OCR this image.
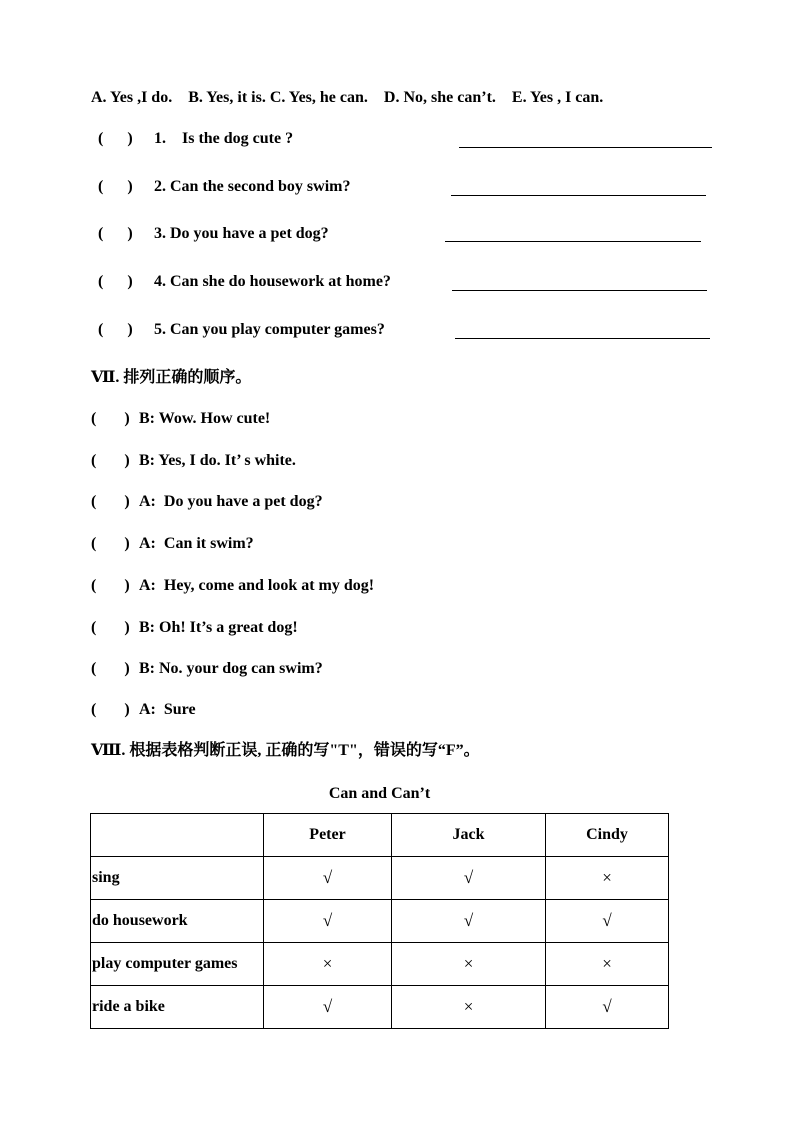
A. Yes ,I do.    B. Yes, it is. C. Yes, he can.    D. No, she can’t.    E. Yes , I can.
(      ) 1.    Is the dog cute ?
(      ) 2. Can the second boy swim?
(      ) 3. Do you have a pet dog?
(      ) 4. Can she do housework at home?
(      ) 5. Can you play computer games?
Ⅶ. 排列正确的顺序。
(       ) B: Wow. How cute!
(       ) B: Yes, I do. It’ s white.
(       ) A:  Do you have a pet dog?
(       ) A:  Can it swim?
(       ) A:  Hey, come and look at my dog!
(       ) B: Oh! It’s a great dog!
(       ) B: No. your dog can swim?
(       ) A:  Sure
Ⅷ. 根据表格判断正误, 正确的写"T"，错误的写“F”。
Can and Can’t
	Peter	Jack	Cindy
sing	√	√	×
do housework	√	√	√
play computer games	×	×	×
ride a bike	√	×	√
